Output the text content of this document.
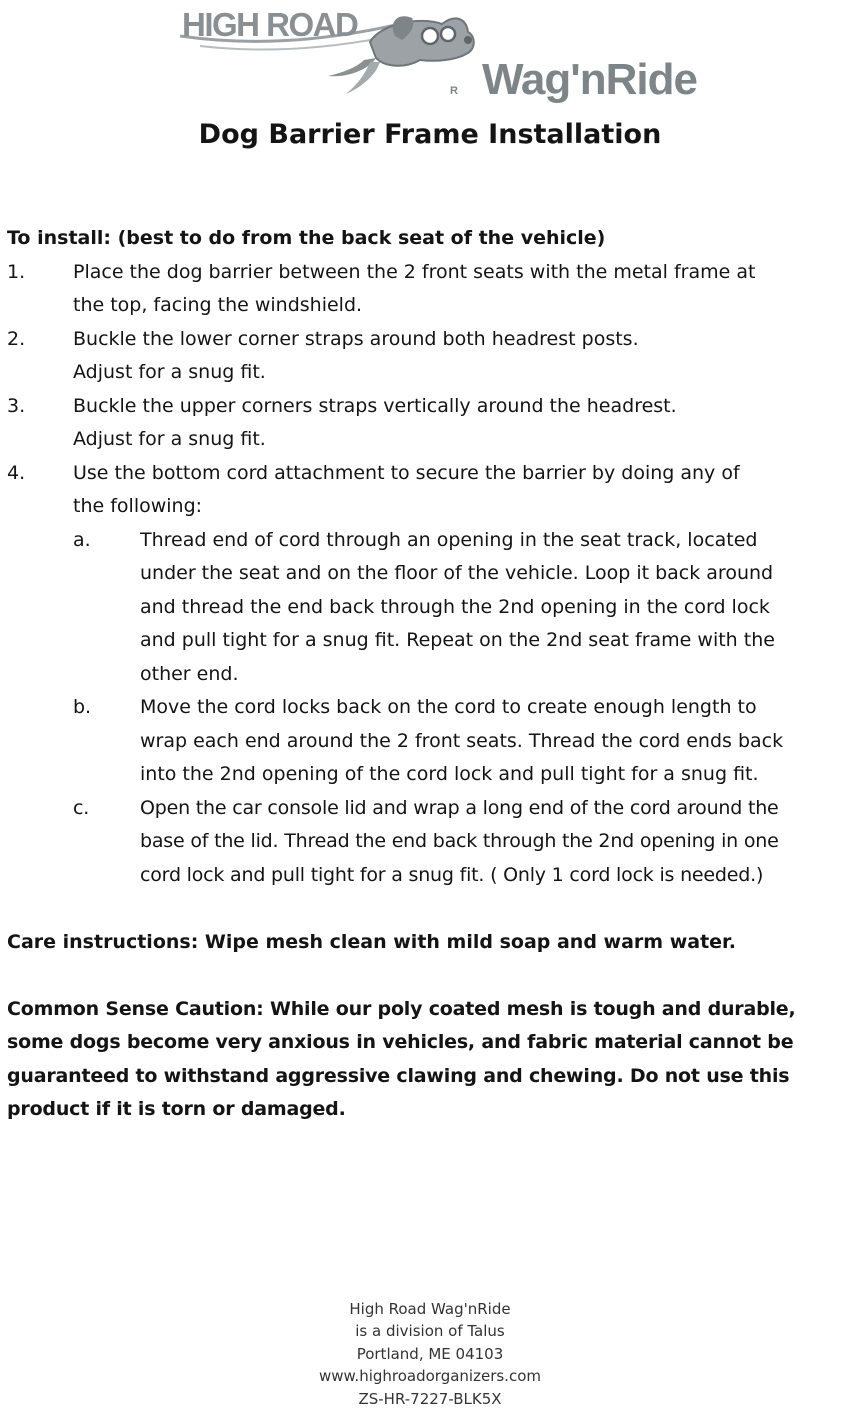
R
HIGH ROAD
Wag'nRide
Dog Barrier Frame Installation

To install: (best to do from the back seat of the vehicle)

1.	Place the dog barrier between the 2 front seats with the metal frame at
the top, facing the windshield.
2.	Buckle the lower corner straps around both headrest posts.
Adjust for a snug fit.
3.	Buckle the upper corners straps vertically around the headrest.
Adjust for a snug fit.
4.	Use the bottom cord attachment to secure the barrier by doing any of
the following:
a.	Thread end of cord through an opening in the seat track, located
under the seat and on the floor of the vehicle. Loop it back around
and thread the end back through the 2nd opening in the cord lock
and pull tight for a snug fit. Repeat on the 2nd seat frame with the
other end.
b.	Move the cord locks back on the cord to create enough length to
wrap each end around the 2 front seats. Thread the cord ends back
into the 2nd opening of the cord lock and pull tight for a snug fit.
c.	Open the car console lid and wrap a long end of the cord around the
base of the lid. Thread the end back through the 2nd opening in one
cord lock and pull tight for a snug fit. ( Only 1 cord lock is needed.)

Care instructions: Wipe mesh clean with mild soap and warm water.

Common Sense Caution: While our poly coated mesh is tough and durable,

some dogs become very anxious in vehicles, and fabric material cannot be

guaranteed to withstand aggressive clawing and chewing. Do not use this

product if it is torn or damaged.

High Road Wag'nRide
is a division of Talus
Portland, ME 04103
www.highroadorganizers.com
ZS-HR-7227-BLK5X
